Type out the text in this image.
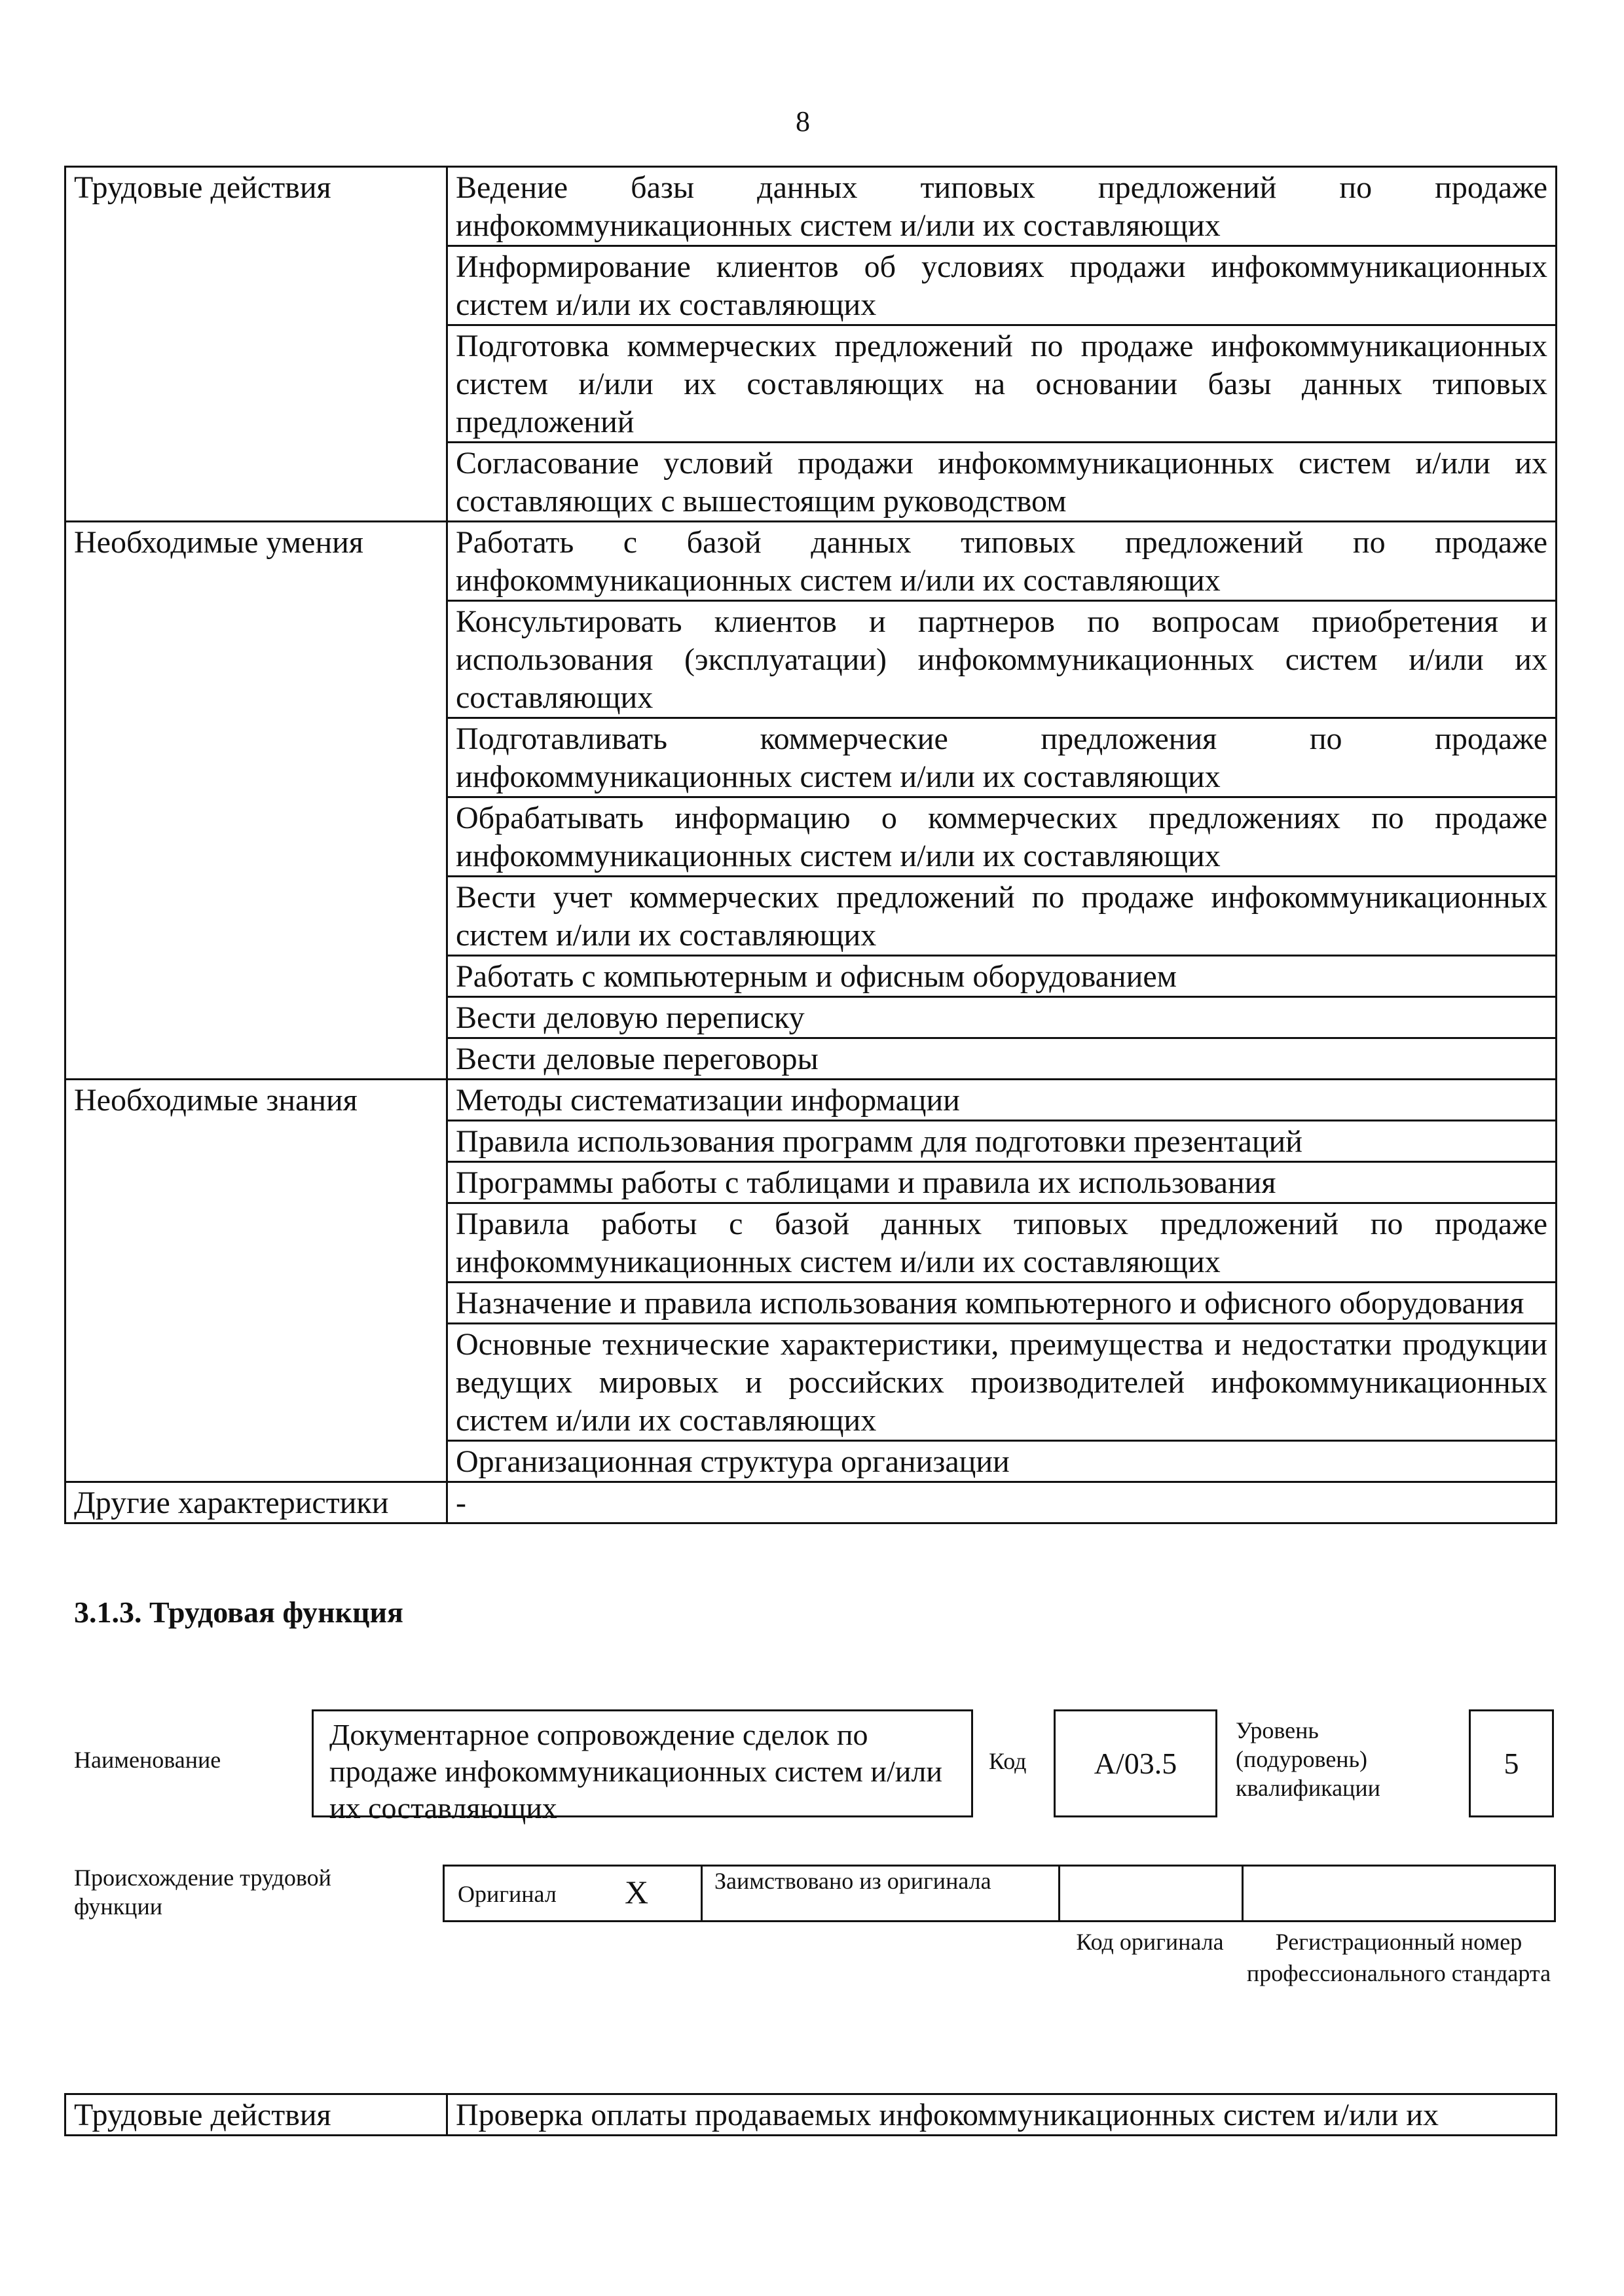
8
Трудовые действия	Ведение базы данных типовых предложений по продаже инфокоммуникационных систем и/или их составляющих
	Информирование клиентов об условиях продажи инфокоммуникационных систем и/или их составляющих
	Подготовка коммерческих предложений по продаже инфокоммуникационных систем и/или их составляющих на основании базы данных типовых предложений
	Согласование условий продажи инфокоммуникационных систем и/или их составляющих с вышестоящим руководством
Необходимые умения	Работать с базой данных типовых предложений по продаже инфокоммуникационных систем и/или их составляющих
	Консультировать клиентов и партнеров по вопросам приобретения и использования (эксплуатации) инфокоммуникационных систем и/или их составляющих
	Подготавливать коммерческие предложения по продаже инфокоммуникационных систем и/или их составляющих
	Обрабатывать информацию о коммерческих предложениях по продаже инфокоммуникационных систем и/или их составляющих
	Вести учет коммерческих предложений по продаже инфокоммуникационных систем и/или их составляющих
	Работать с компьютерным и офисным оборудованием
	Вести деловую переписку
	Вести деловые переговоры
Необходимые знания	Методы систематизации информации
	Правила использования программ для подготовки презентаций
	Программы работы с таблицами и правила их использования
	Правила работы с базой данных типовых предложений по продаже инфокоммуникационных систем и/или их составляющих
	Назначение и правила использования компьютерного и офисного оборудования
	Основные технические характеристики, преимущества и недостатки продукции ведущих мировых и российских производителей инфокоммуникационных систем и/или их составляющих
	Организационная структура организации
Другие характеристики	-
3.1.3. Трудовая функция
Наименование
Документарное сопровождение сделок по продаже инфокоммуникационных систем и/или их составляющих
Код	А/03.5
Уровень (подуровень) квалификации
5
Происхождение трудовой функции	Оригинал X	Заимствовано из оригинала
Код оригинала	Регистрационный номер профессионального стандарта
Трудовые действия	Проверка оплаты продаваемых инфокоммуникационных систем и/или их
